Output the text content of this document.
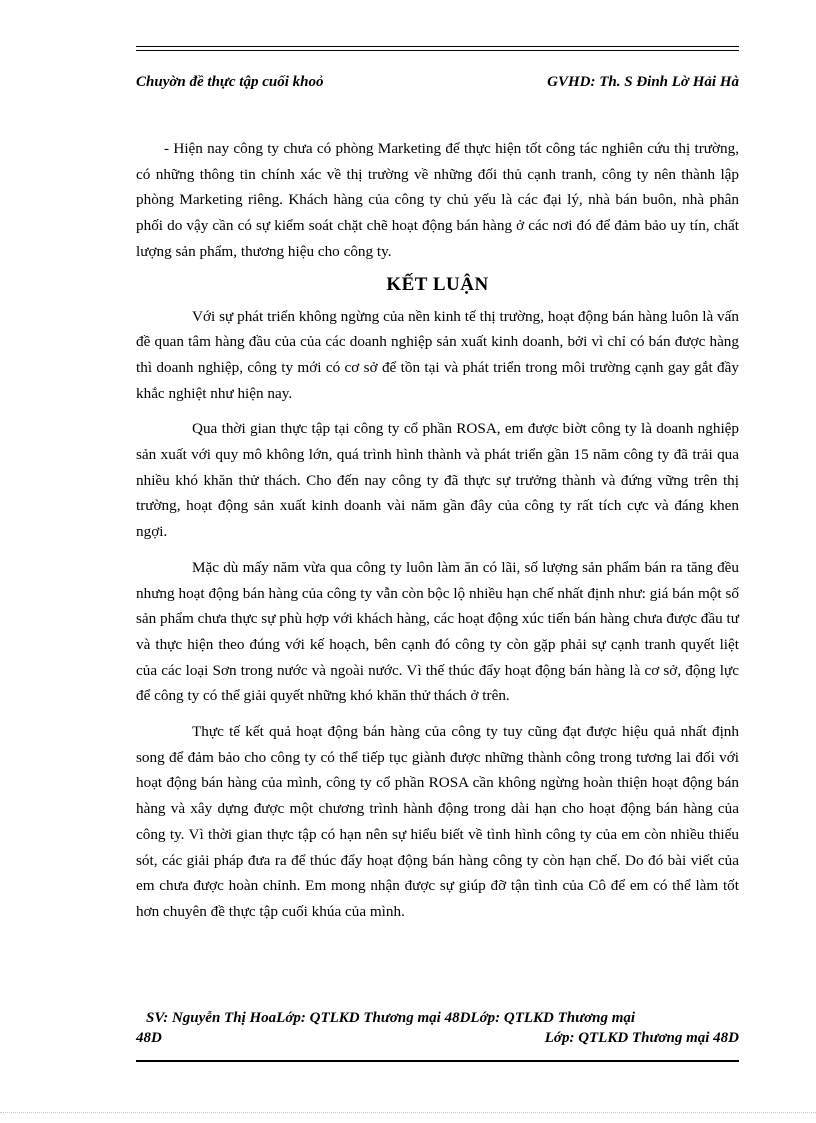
Chuyờn đề thực tập cuối khoỏ	GVHD: Th. S Đinh Lờ Hải Hà

- Hiện nay công ty chưa có phòng Marketing để thực hiện tốt công tác nghiên cứu thị trường, có những thông tin chính xác về thị trường về những đối thủ cạnh tranh, công ty nên thành lập phòng Marketing riêng. Khách hàng của công ty chủ yếu là các đại lý, nhà bán buôn, nhà phân phối do vậy cần có sự kiểm soát chặt chẽ hoạt động bán hàng ở các nơi đó để đảm bảo uy tín, chất lượng sản phẩm, thương hiệu cho công ty.

KẾT LUẬN

Với sự phát triển không ngừng của nền kinh tế thị trường, hoạt động bán hàng luôn là vấn đề quan tâm hàng đầu của của các doanh nghiệp sản xuất kinh doanh, bởi vì chỉ có bán được hàng thì doanh nghiệp, công ty mới có cơ sở để tồn tại và phát triển trong môi trường cạnh gay gắt đầy khắc nghiệt như hiện nay.

Qua thời gian thực tập tại công ty cổ phần ROSA, em được biờt công ty là doanh nghiệp sản xuất với quy mô không lớn, quá trình hình thành và phát triển gần 15 năm công ty đã trải qua nhiều khó khăn thử thách. Cho đến nay công ty đã thực sự trưởng thành và đứng vững trên thị trường, hoạt động sản xuất kinh doanh vài năm gần đây của công ty rất tích cực và đáng khen ngợi.

Mặc dù mấy năm vừa qua công ty luôn làm ăn có lãi, số lượng sản phẩm bán ra tăng đều nhưng hoạt động bán hàng của công ty vẫn còn bộc lộ nhiều hạn chế nhất định như: giá bán một số sản phẩm chưa thực sự phù hợp với khách hàng, các hoạt động xúc tiến bán hàng chưa được đầu tư và thực hiện theo đúng với kế hoạch, bên cạnh đó công ty còn gặp phải sự cạnh tranh quyết liệt của các loại Sơn trong nước và ngoài nước. Vì thế thúc đẩy hoạt động bán hàng là cơ sở, động lực để công ty có thể giải quyết những khó khăn thử thách ở trên.

Thực tế kết quả hoạt động bán hàng của công ty tuy cũng đạt được hiệu quả nhất định song để đảm bảo cho công ty có thể tiếp tục giành được những thành công trong tương lai đối với hoạt động bán hàng của mình, công ty cổ phần ROSA cần không ngừng hoàn thiện hoạt động bán hàng và xây dựng được một chương trình hành động trong dài hạn cho hoạt động bán hàng của công ty. Vì thời gian thực tập có hạn nên sự hiểu biết về tình hình công ty của em còn nhiều thiếu sót, các giải pháp đưa ra để thúc đẩy hoạt động bán hàng công ty còn hạn chế. Do đó bài viết của em chưa được hoàn chỉnh. Em mong nhận được sự giúp đỡ tận tình của Cô để em có thể làm tốt hơn chuyên đề thực tập cuối khúa của mình.

SV: Nguyễn Thị HoaLớp: QTLKD Thương mại 48DLớp: QTLKD Thương mại
48D	Lớp: QTLKD Thương mại 48D
